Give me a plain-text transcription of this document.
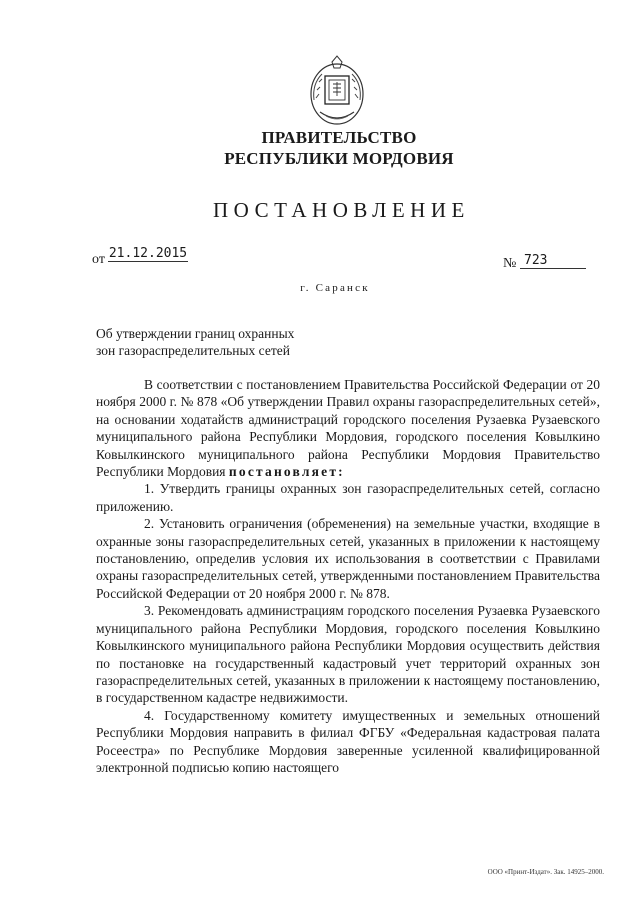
ПРАВИТЕЛЬСТВО
РЕСПУБЛИКИ МОРДОВИЯ
ПОСТАНОВЛЕНИЕ
от 21.12.2015
№ 723
г. Саранск
Об утверждении границ охранных
зон газораспределительных сетей

В соответствии с постановлением Правительства Российской Федерации от 20 ноября 2000 г. № 878 «Об утверждении Правил охраны газораспределительных сетей», на основании ходатайств администраций городского поселения Рузаевка Рузаевского муниципального района Республики Мордовия, городского поселения Ковылкино Ковылкинского муниципального района Республики Мордовия Правительство Республики Мордовия постановляет:

1. Утвердить границы охранных зон газораспределительных сетей, согласно приложению.

2. Установить ограничения (обременения) на земельные участки, входящие в охранные зоны газораспределительных сетей, указанных в приложении к настоящему постановлению, определив условия их использования в соответствии с Правилами охраны газораспределительных сетей, утвержденными постановлением Правительства Российской Федерации от 20 ноября 2000 г. № 878.

3. Рекомендовать администрациям городского поселения Рузаевка Рузаевского муниципального района Республики Мордовия, городского поселения Ковылкино Ковылкинского муниципального района Республики Мордовия осуществить действия по постановке на государственный кадастровый учет территорий охранных зон газораспределительных сетей, указанных в приложении к настоящему постановлению, в государственном кадастре недвижимости.

4. Государственному комитету имущественных и земельных отношений Республики Мордовия направить в филиал ФГБУ «Федеральная кадастровая палата Росеестра» по Республике Мордовия заверенные усиленной квалифицированной электронной подписью копию настоящего

ООО «Принт-Издат». Зак. 14925–2000.
